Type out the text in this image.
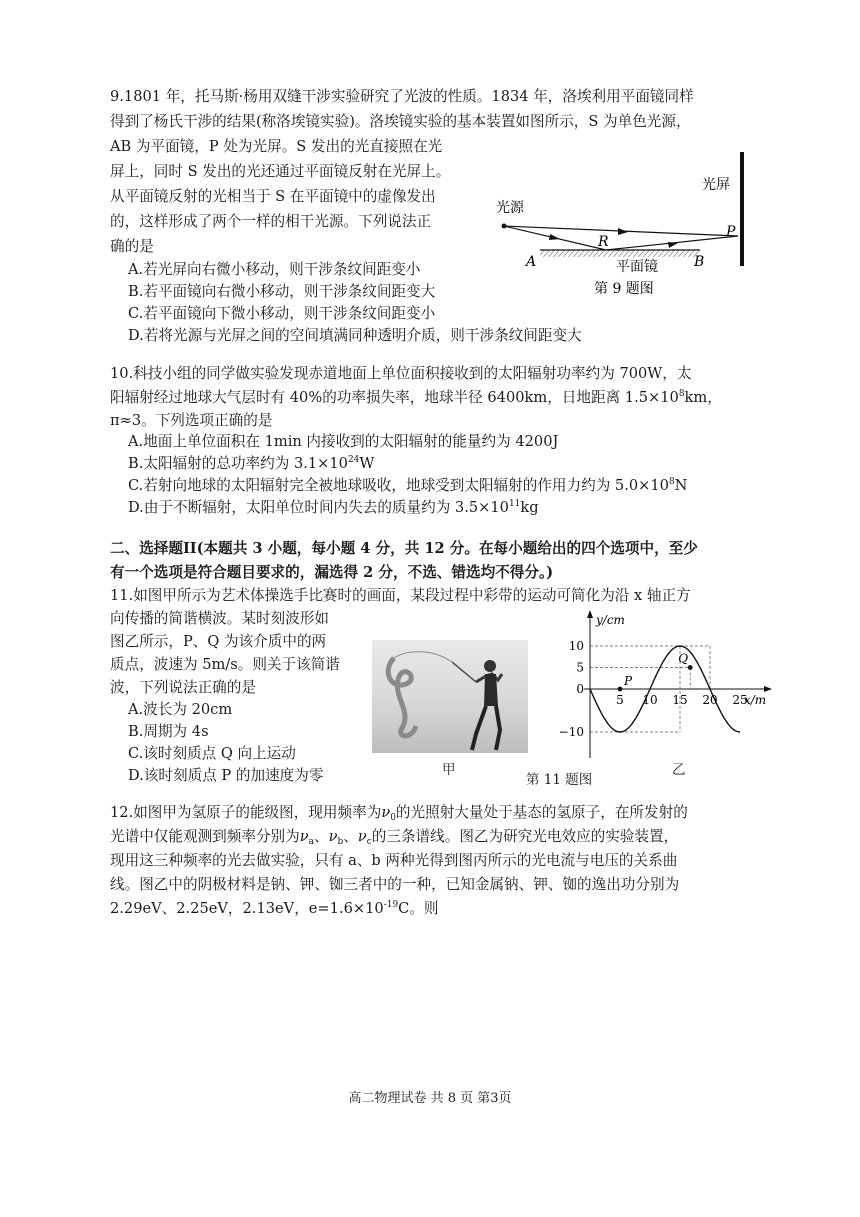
9.1801 年，托马斯·杨用双缝干涉实验研究了光波的性质。1834 年，洛埃利用平面镜同样
得到了杨氏干涉的结果(称洛埃镜实验)。洛埃镜实验的基本装置如图所示，S 为单色光源，
AB 为平面镜，P 处为光屏。S 发出的光直接照在光
屏上，同时 S 发出的光还通过平面镜反射在光屏上。
从平面镜反射的光相当于 S 在平面镜中的虚像发出
的，这样形成了两个一样的相干光源。下列说法正
确的是
A.若光屏向右微小移动，则干涉条纹间距变小
B.若平面镜向右微小移动，则干涉条纹间距变大
C.若平面镜向下微小移动，则干涉条纹间距变小
D.若将光源与光屏之间的空间填满同种透明介质，则干涉条纹间距变大
光屏
光源
P
R
A	B
平面镜
第 9 题图
10.科技小组的同学做实验发现赤道地面上单位面积接收到的太阳辐射功率约为 700W，太
阳辐射经过地球大气层时有 40%的功率损失率，地球半径 6400km，日地距离 $1.5\times 10^8km$，
π≈3。下列选项正确的是
A.地面上单位面积在 1min 内接收到的太阳辐射的能量约为 4200J
B.太阳辐射的总功率约为 $3.1\times 10^{24}W$
C.若射向地球的太阳辐射完全被地球吸收，地球受到太阳辐射的作用力约为 $5.0\times 10^8N$
D.由于不断辐射，太阳单位时间内失去的质量约为 $3.5\times 10^{11}kg$
二、选择题II(本题共 3 小题，每小题 4 分，共 12 分。在每小题给出的四个选项中，至少
有一个选项是符合题目要求的，漏选得 2 分，不选、错选均不得分。)
11.如图甲所示为艺术体操选手比赛时的画面，某段过程中彩带的运动可简化为沿 x 轴正方
向传播的简谐横波。某时刻波形如
图乙所示，P、Q 为该介质中的两
质点，波速为 5m/s。则关于该简谐
波，下列说法正确的是
A.波长为 20cm
B.周期为 4s
C.该时刻质点 Q 向上运动
D.该时刻质点 P 的加速度为零	甲
y/cm
x/m
10
5
0
−10
5 10 15 20 25
P
Q
第 11 题图
乙
12.如图甲为氢原子的能级图，现用频率为$\nu_0$的光照射大量处于基态的氢原子，在所发射的
光谱中仅能观测到频率分别为$\nu_a$、$\nu_b$、$\nu_c$的三条谱线。图乙为研究光电效应的实验装置，
现用这三种频率的光去做实验，只有 a、b 两种光得到图丙所示的光电流与电压的关系曲
线。图乙中的阴极材料是钠、钾、铷三者中的一种，已知金属钠、钾、铷的逸出功分别为
2.29eV、2.25eV，2.13eV，$e=1.6\times 10^{-19}C$。则
高二物理试卷 共 8 页 第3页
